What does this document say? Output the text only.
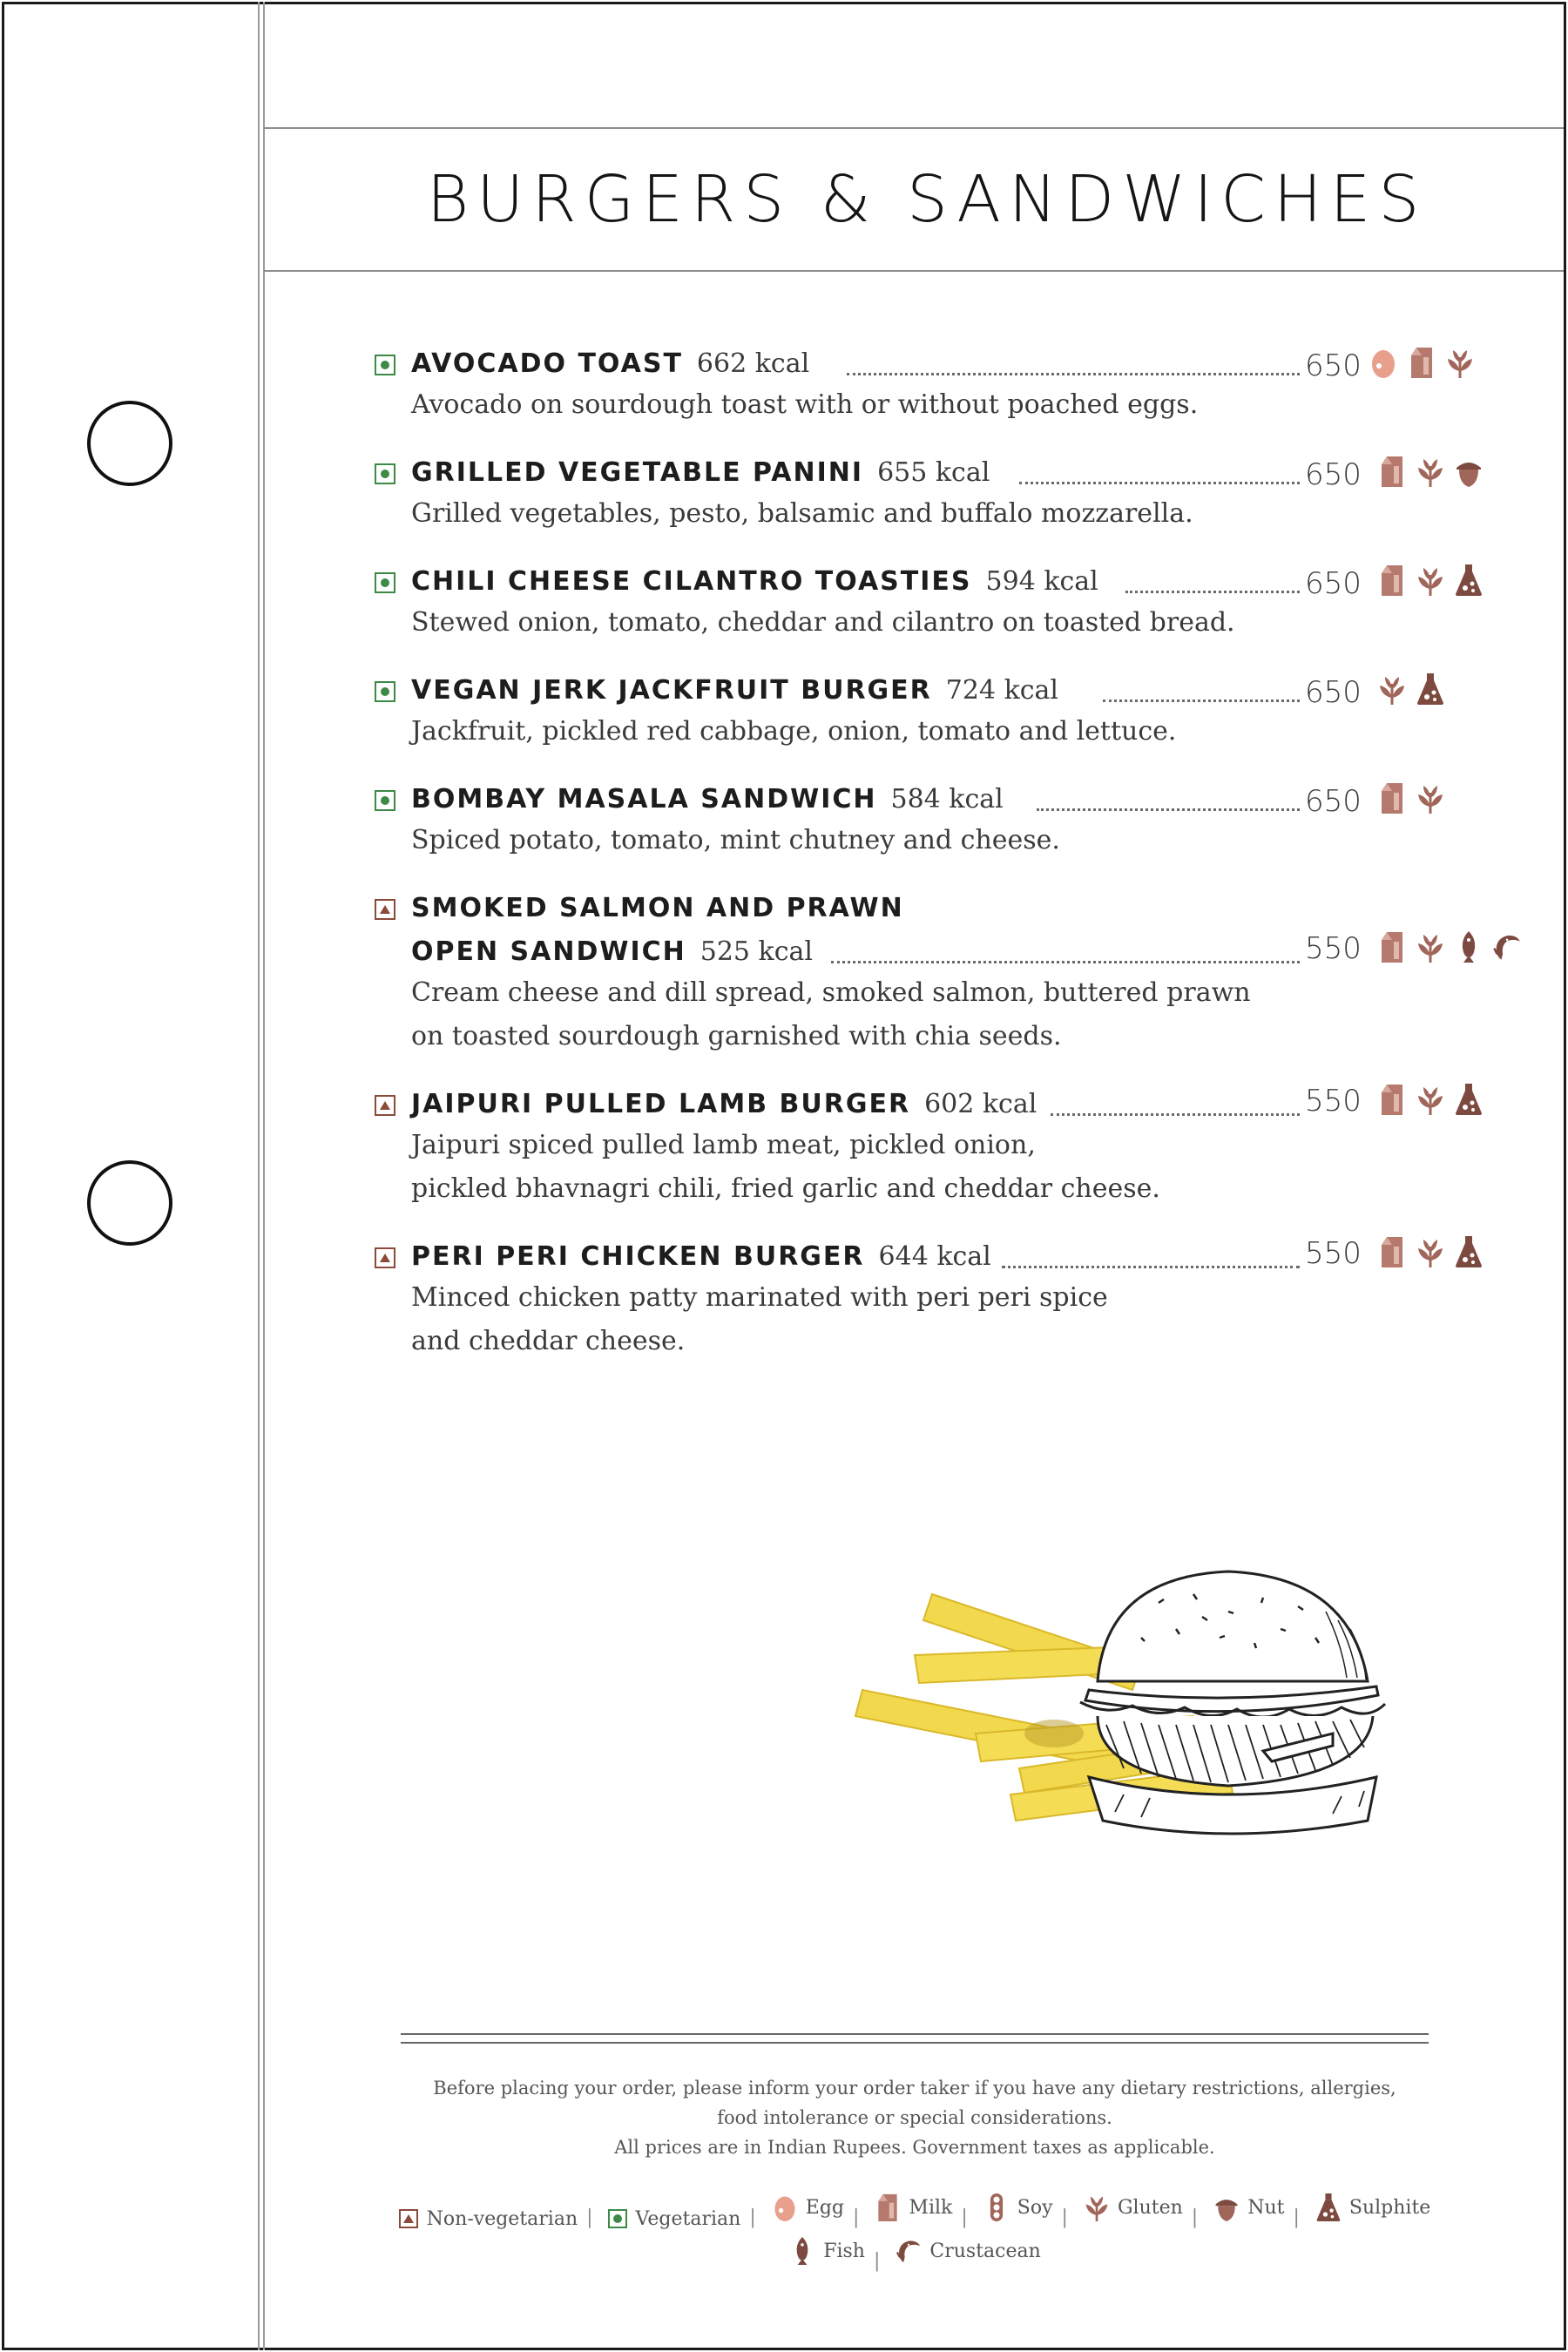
BURGERS & SANDWICHES
AVOCADO TOAST 662 kcal	650
Avocado on sourdough toast with or without poached eggs.
GRILLED VEGETABLE PANINI 655 kcal	650
Grilled vegetables, pesto, balsamic and buffalo mozzarella.
CHILI CHEESE CILANTRO TOASTIES 594 kcal	650
Stewed onion, tomato, cheddar and cilantro on toasted bread.
VEGAN JERK JACKFRUIT BURGER 724 kcal	650
Jackfruit, pickled red cabbage, onion, tomato and lettuce.
BOMBAY MASALA SANDWICH 584 kcal	650
Spiced potato, tomato, mint chutney and cheese.
SMOKED SALMON AND PRAWN
OPEN SANDWICH 525 kcal	550
Cream cheese and dill spread, smoked salmon, buttered prawn
on toasted sourdough garnished with chia seeds.
JAIPURI PULLED LAMB BURGER 602 kcal	550
Jaipuri spiced pulled lamb meat, pickled onion,
pickled bhavnagri chili, fried garlic and cheddar cheese.
PERI PERI CHICKEN BURGER 644 kcal	550
Minced chicken patty marinated with peri peri spice
and cheddar cheese.
Before placing your order, please inform your order taker if you have any dietary restrictions, allergies,
food intolerance or special considerations.
All prices are in Indian Rupees. Government taxes as applicable.
Non-vegetarian | Vegetarian |	Egg |	Milk |	Soy |	Gluten |	Nut |	Sulphite
Fish |	Crustacean
